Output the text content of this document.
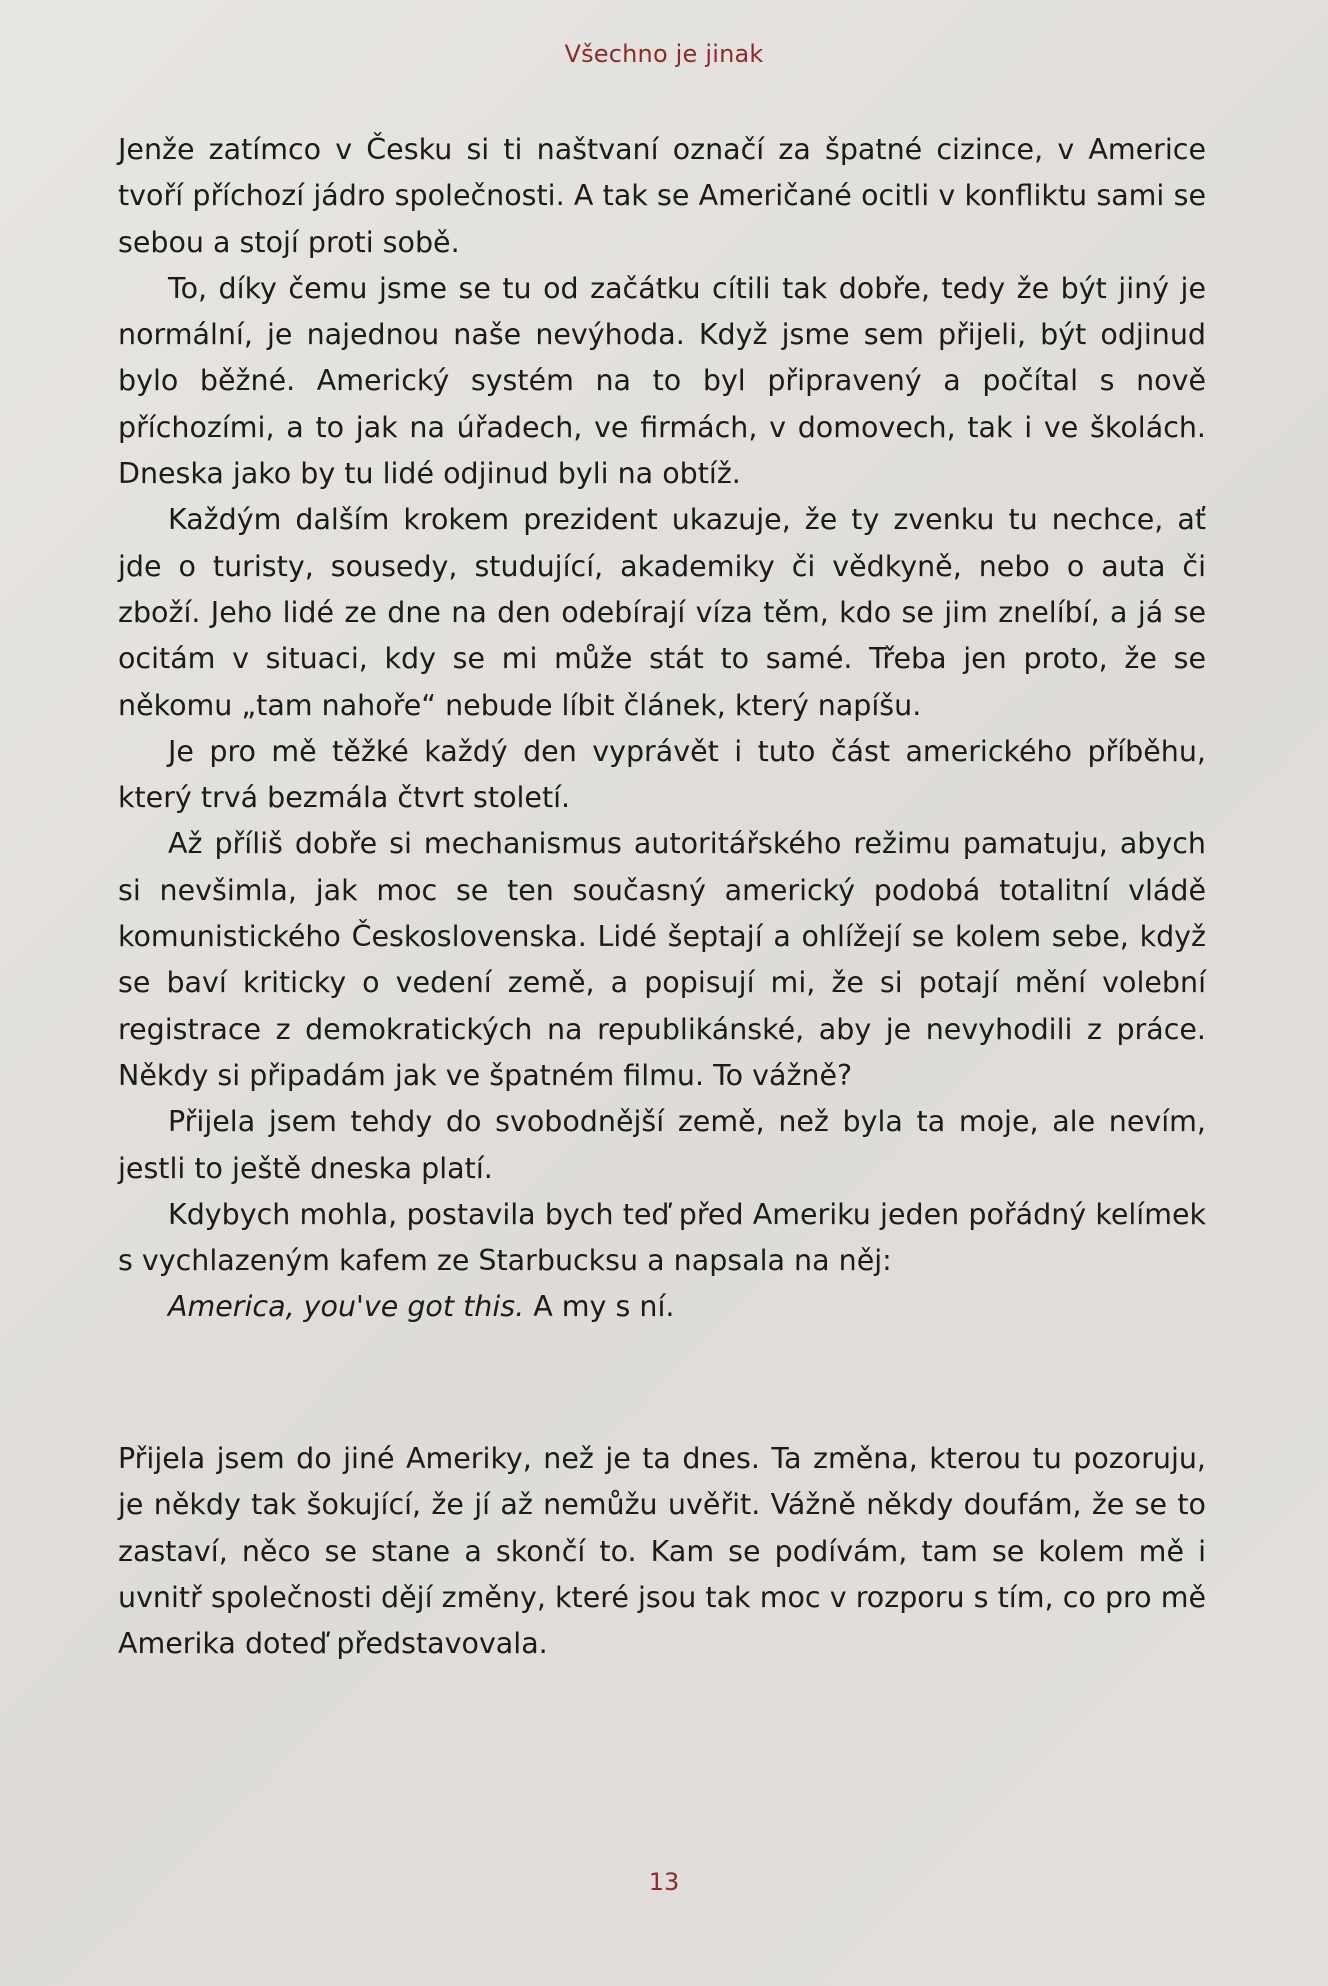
Všechno je jinak

Jenže zatímco v Česku si ti naštvaní označí za špatné cizince, v Americe tvoří příchozí jádro společnosti. A tak se Američané ocitli v konfliktu sami se sebou a stojí proti sobě.

To, díky čemu jsme se tu od začátku cítili tak dobře, tedy že být jiný je normální, je najednou naše nevýhoda. Když jsme sem přijeli, být odjinud bylo běžné. Americký systém na to byl připravený a počítal s nově příchozími, a to jak na úřadech, ve firmách, v domovech, tak i ve školách. Dneska jako by tu lidé odjinud byli na obtíž.

Každým dalším krokem prezident ukazuje, že ty zvenku tu nechce, ať jde o turisty, sousedy, studující, akademiky či vědkyně, nebo o auta či zboží. Jeho lidé ze dne na den odebírají víza těm, kdo se jim znelíbí, a já se ocitám v situaci, kdy se mi může stát to samé. Třeba jen proto, že se někomu „tam nahoře“ nebude líbit článek, který napíšu.

Je pro mě těžké každý den vyprávět i tuto část amerického příběhu, který trvá bezmála čtvrt století.

Až příliš dobře si mechanismus autoritářského režimu pamatuju, abych si nevšimla, jak moc se ten současný americký podobá totalitní vládě komunistického Československa. Lidé šeptají a ohlížejí se kolem sebe, když se baví kriticky o vedení země, a popisují mi, že si potají mění volební registrace z demokratických na republikánské, aby je nevyhodili z práce. Někdy si připadám jak ve špatném filmu. To vážně?

Přijela jsem tehdy do svobodnější země, než byla ta moje, ale nevím, jestli to ještě dneska platí.

Kdybych mohla, postavila bych teď před Ameriku jeden pořádný kelímek s vychlazeným kafem ze Starbucksu a napsala na něj:

America, you've got this. A my s ní.

Přijela jsem do jiné Ameriky, než je ta dnes. Ta změna, kterou tu pozoruju, je někdy tak šokující, že jí až nemůžu uvěřit. Vážně někdy doufám, že se to zastaví, něco se stane a skončí to. Kam se podívám, tam se kolem mě i uvnitř společnosti dějí změny, které jsou tak moc v rozporu s tím, co pro mě Amerika doteď představovala.

13
